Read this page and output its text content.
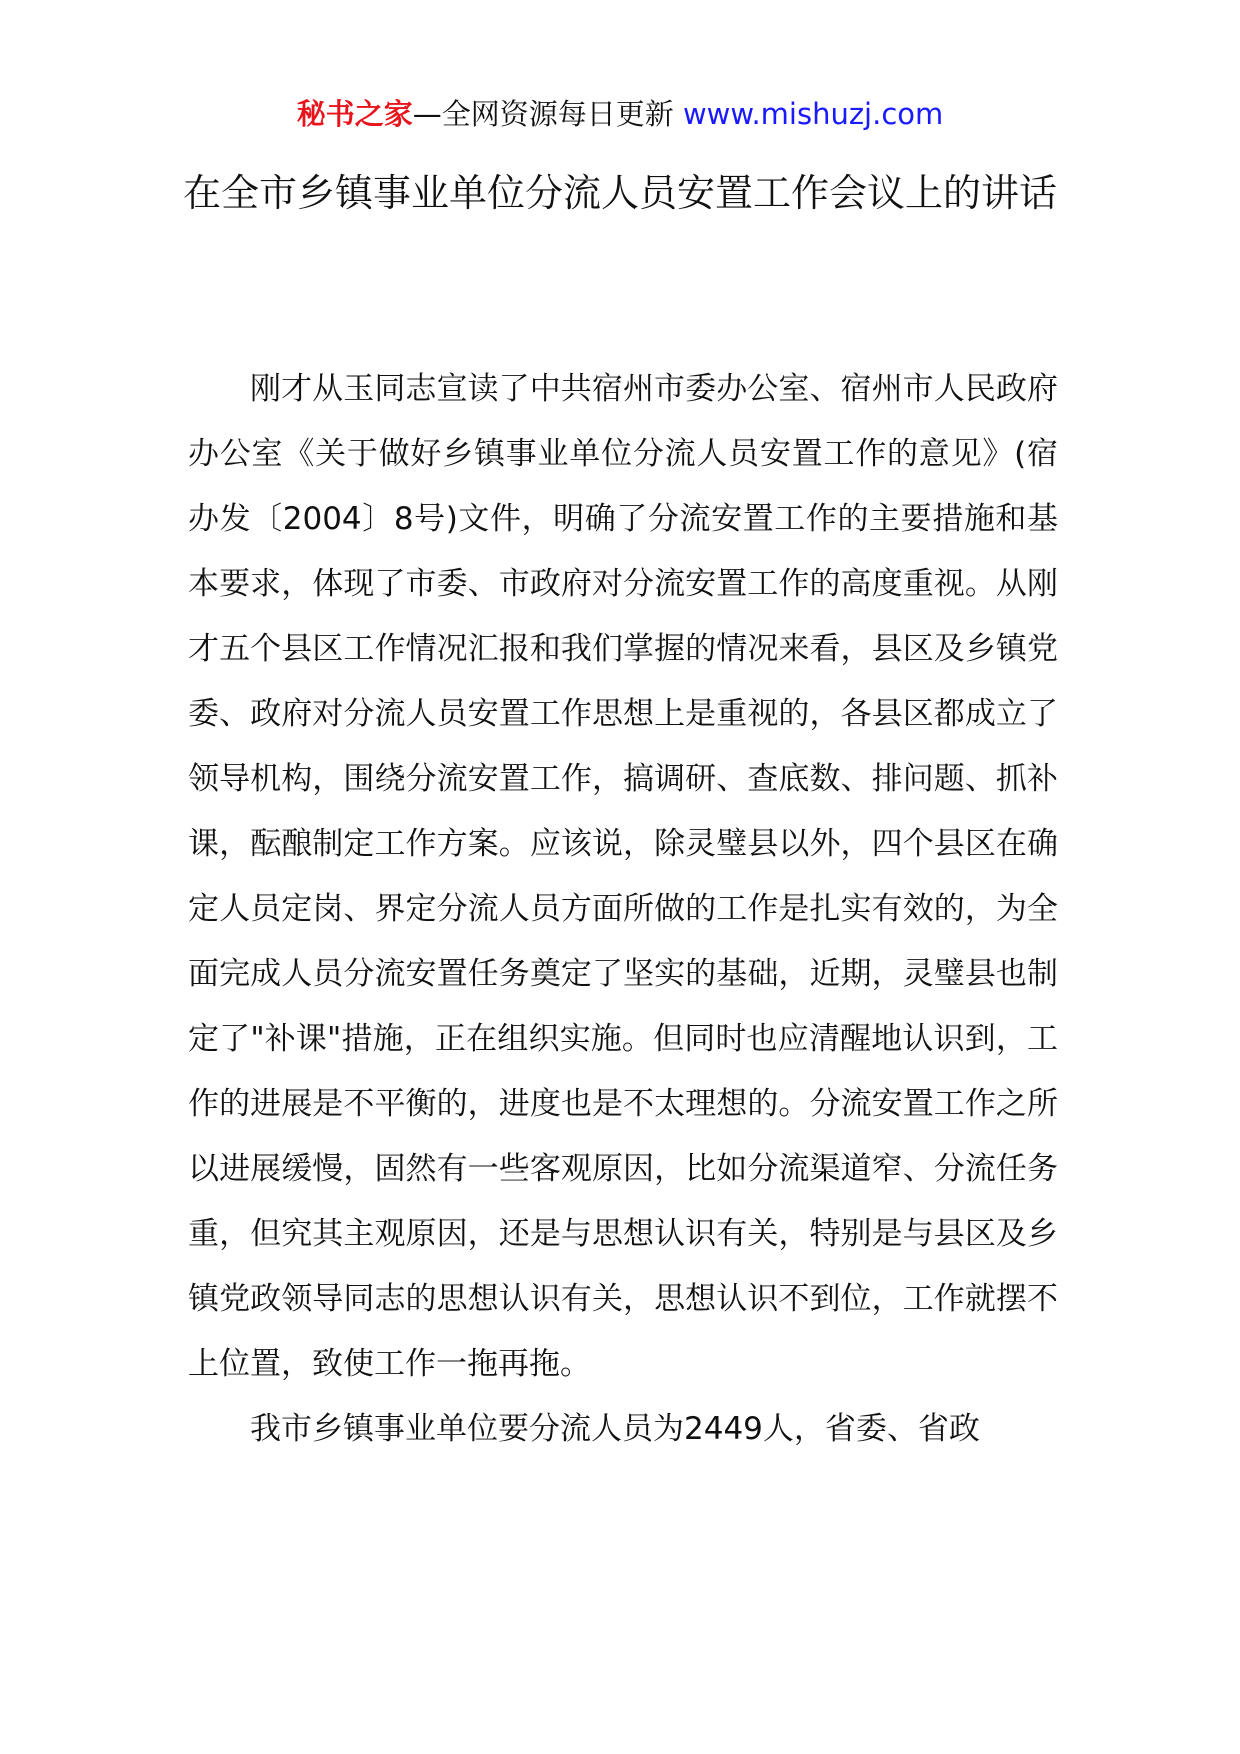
秘书之家—全网资源每日更新 www.mishuzj.com
在全市乡镇事业单位分流人员安置工作会议上的讲话

刚才从玉同志宣读了中共宿州市委办公室、宿州市人民政府办公室《关于做好乡镇事业单位分流人员安置工作的意见》(宿办发〔2004〕8号)文件，明确了分流安置工作的主要措施和基本要求，体现了市委、市政府对分流安置工作的高度重视。从刚才五个县区工作情况汇报和我们掌握的情况来看，县区及乡镇党委、政府对分流人员安置工作思想上是重视的，各县区都成立了领导机构，围绕分流安置工作，搞调研、查底数、排问题、抓补课，酝酿制定工作方案。应该说，除灵璧县以外，四个县区在确定人员定岗、界定分流人员方面所做的工作是扎实有效的，为全面完成人员分流安置任务奠定了坚实的基础，近期，灵璧县也制定了"补课"措施，正在组织实施。但同时也应清醒地认识到，工作的进展是不平衡的，进度也是不太理想的。分流安置工作之所以进展缓慢，固然有一些客观原因，比如分流渠道窄、分流任务重，但究其主观原因，还是与思想认识有关，特别是与县区及乡镇党政领导同志的思想认识有关，思想认识不到位，工作就摆不上位置，致使工作一拖再拖。

我市乡镇事业单位要分流人员为2449人，省委、省政
